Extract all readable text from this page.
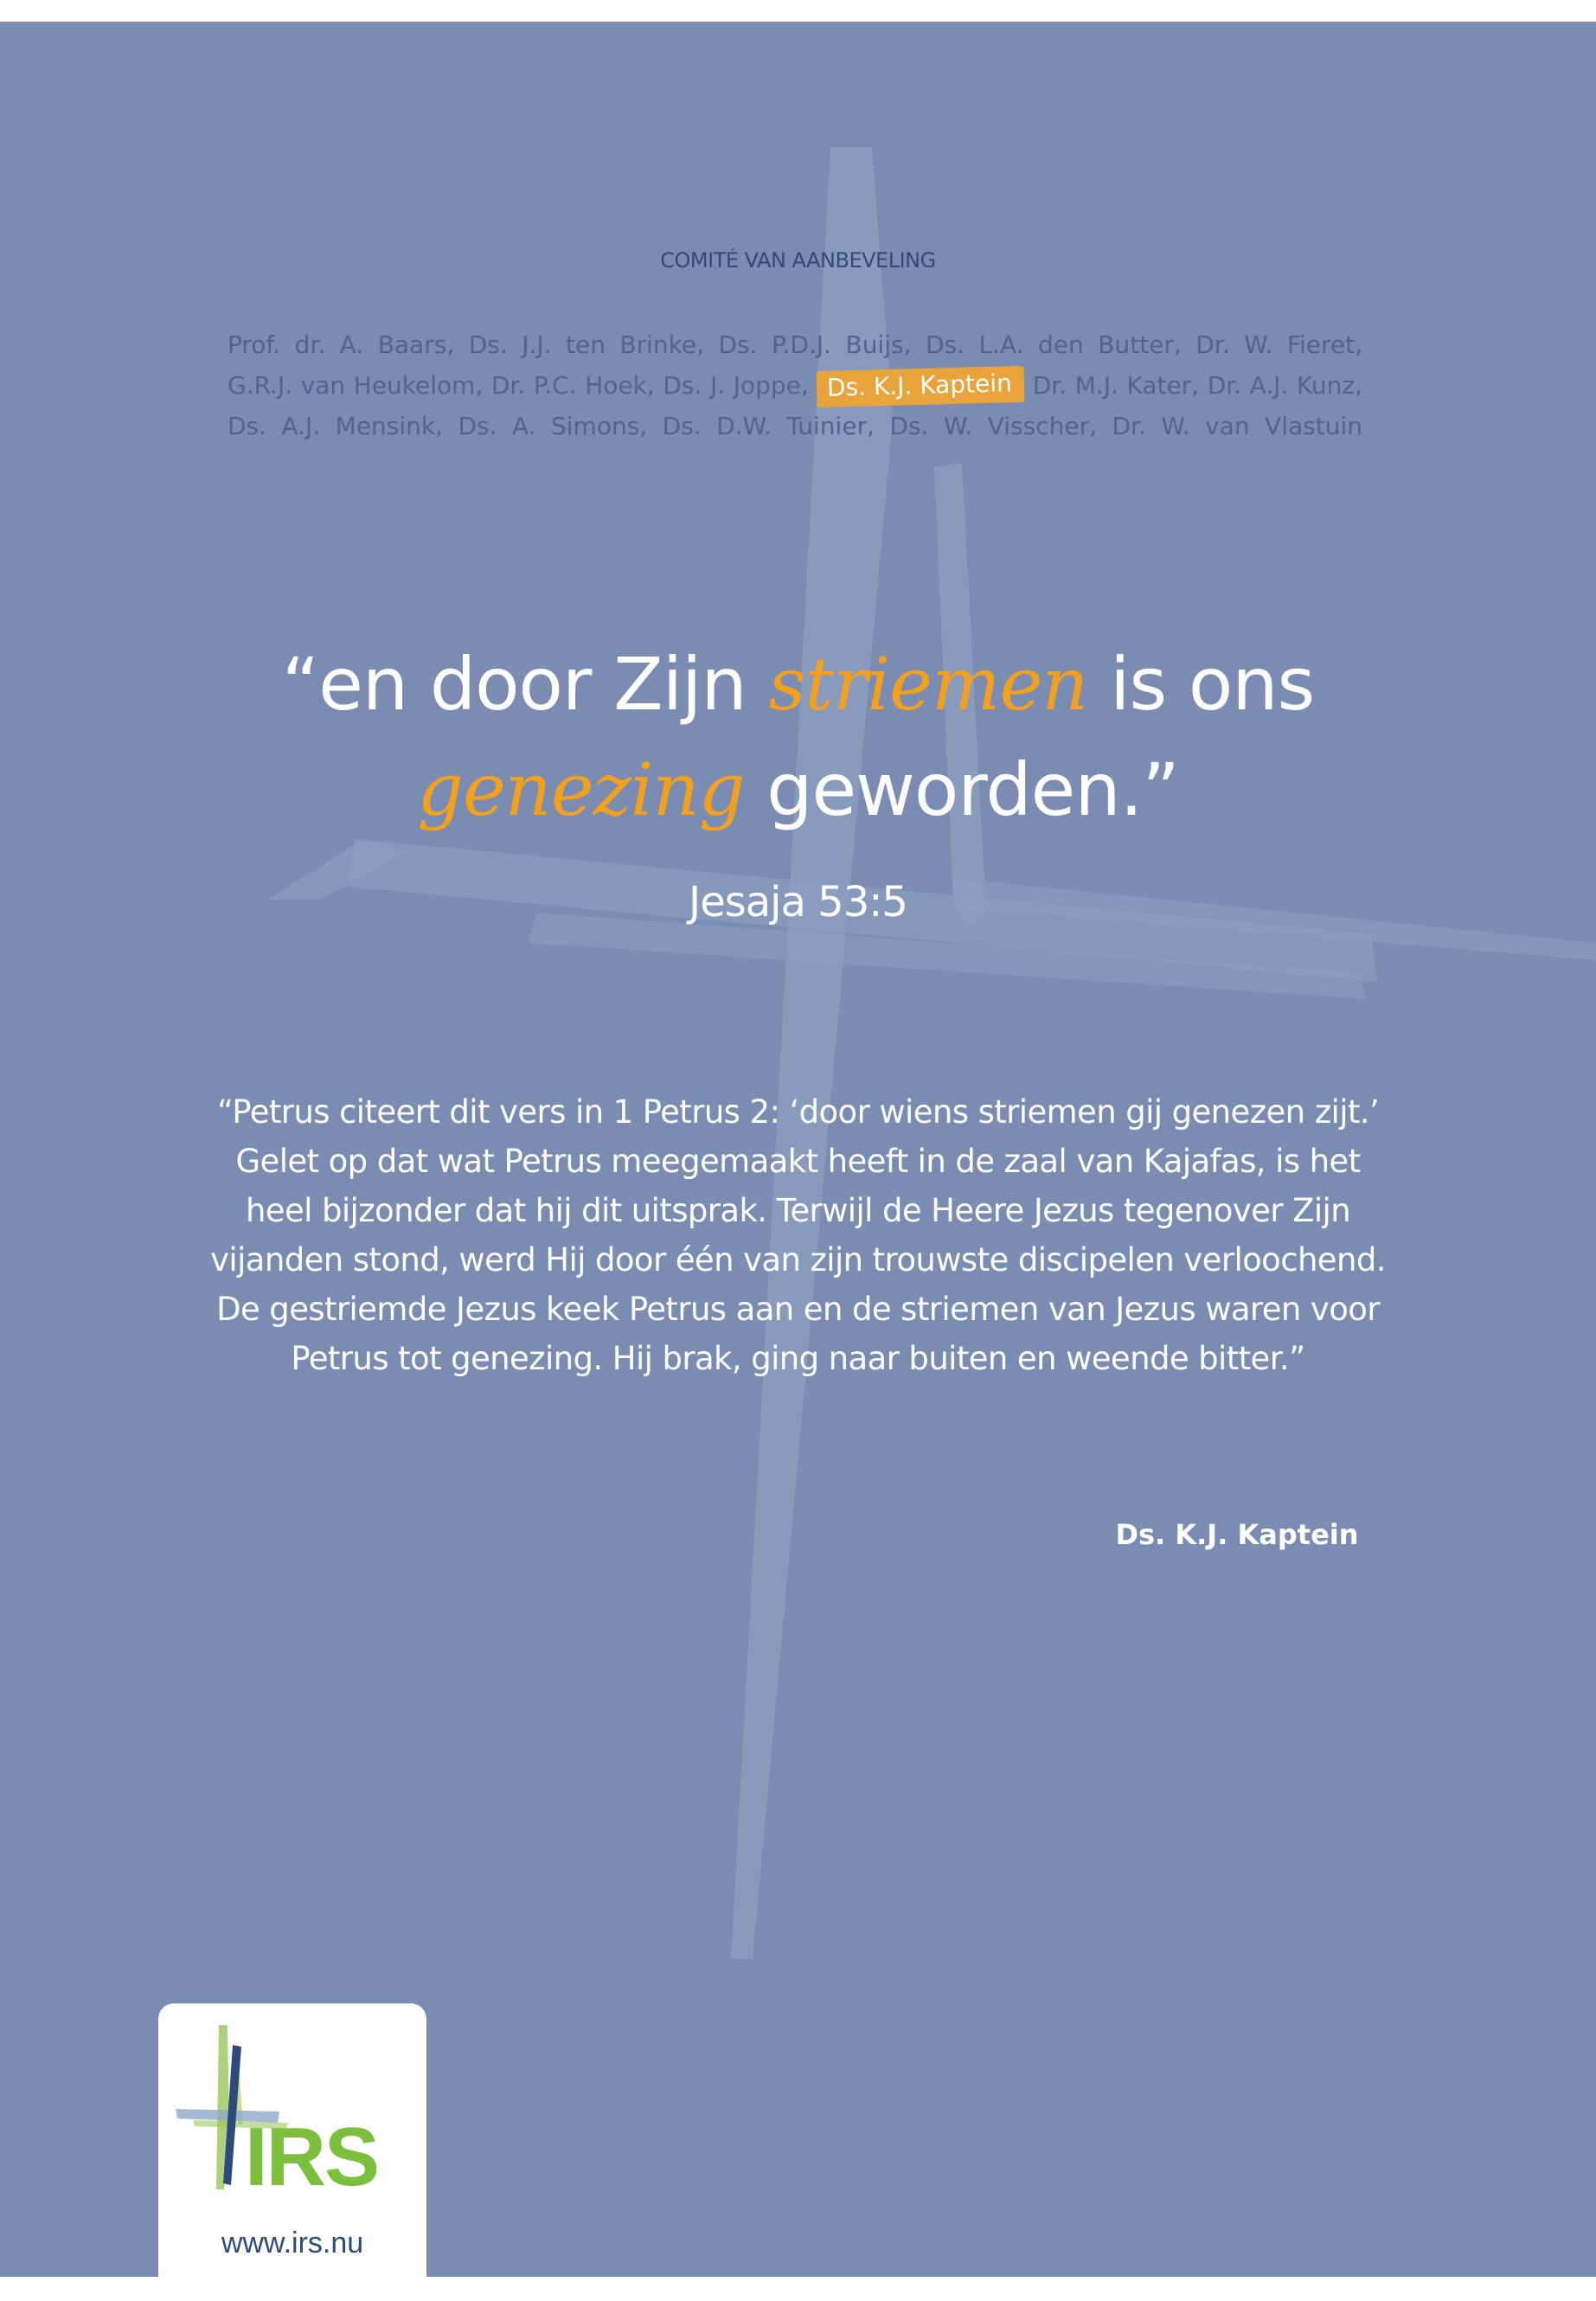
COMITÉ VAN AANBEVELING
Prof. dr. A. Baars, Ds. J.J. ten Brinke, Ds. P.D.J. Buijs, Ds. L.A. den Butter, Dr. W. Fieret,
G.R.J. van Heukelom, Dr. P.C. Hoek, Ds. J. Joppe, Ds. K.J. Kaptein Dr. M.J. Kater, Dr. A.J. Kunz,
Ds. A.J. Mensink, Ds. A. Simons, Ds. D.W. Tuinier, Ds. W. Visscher, Dr. W. van Vlastuin
“en door Zijn striemen is ons
genezing geworden.”
Jesaja 53:5
“Petrus citeert dit vers in 1 Petrus 2: ‘door wiens striemen gij genezen zijt.’
Gelet op dat wat Petrus meegemaakt heeft in de zaal van Kajafas, is het
heel bijzonder dat hij dit uitsprak. Terwijl de Heere Jezus tegenover Zijn
vijanden stond, werd Hij door één van zijn trouwste discipelen verloochend.
De gestriemde Jezus keek Petrus aan en de striemen van Jezus waren voor
Petrus tot genezing. Hij brak, ging naar buiten en weende bitter.”
Ds. K.J. Kaptein
IRS
www.irs.nu
